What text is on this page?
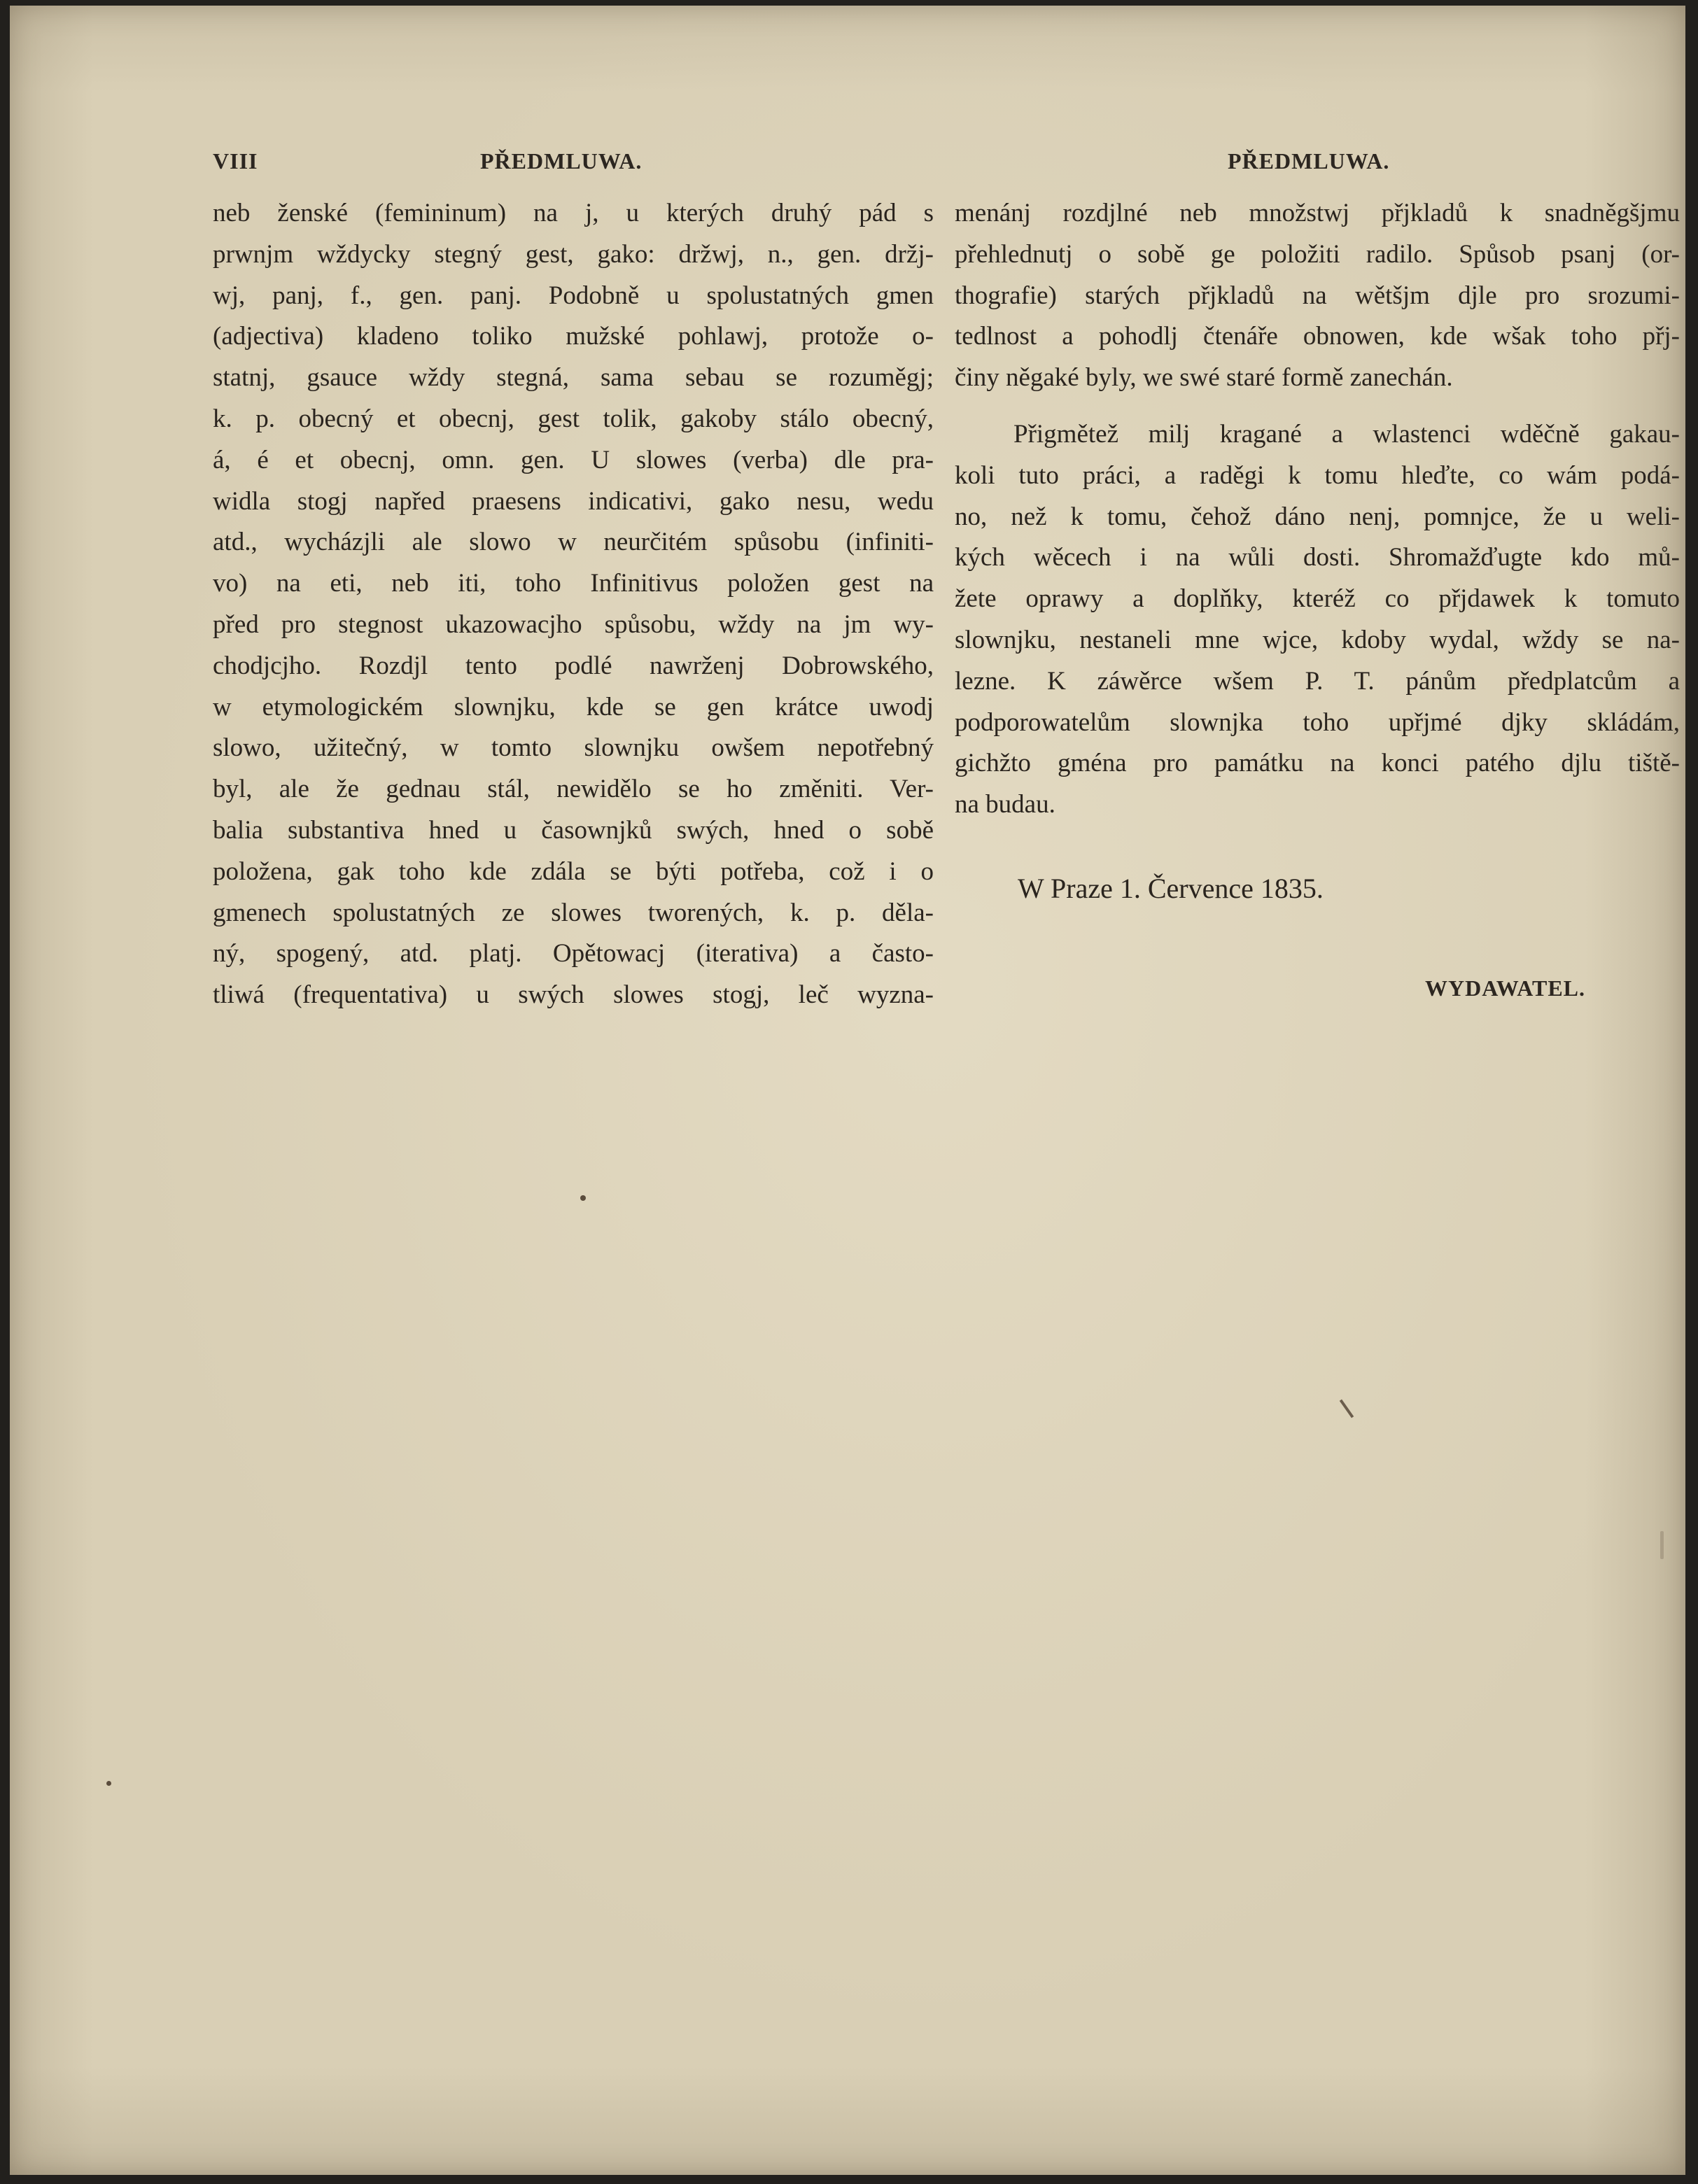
VIII	PŘEDMLUWA.	PŘEDMLUWA.
neb ženské (femininum) na j, u kterých druhý pád s
prwnjm wždycky stegný gest, gako: držwj, n., gen. držj-
wj, panj, f., gen. panj. Podobně u spolustatných gmen
(adjectiva) kladeno toliko mužské pohlawj, protože o-
statnj, gsauce wždy stegná, sama sebau se rozuměgj;
k. p. obecný et obecnj, gest tolik, gakoby stálo obecný,
á, é et obecnj, omn. gen. U slowes (verba) dle pra-
widla stogj napřed praesens indicativi, gako nesu, wedu
atd., wycházjli ale slowo w neurčitém spůsobu (infiniti-
vo) na eti, neb iti, toho Infinitivus položen gest na
před pro stegnost ukazowacjho spůsobu, wždy na jm wy-
chodjcjho. Rozdjl tento podlé nawrženj Dobrowského,
w etymologickém slownjku, kde se gen krátce uwodj
slowo, užitečný, w tomto slownjku owšem nepotřebný
byl, ale že gednau stál, newidělo se ho změniti. Ver-
balia substantiva hned u časownjků swých, hned o sobě
položena, gak toho kde zdála se býti potřeba, což i o
gmenech spolustatných ze slowes tworených, k. p. děla-
ný, spogený, atd. platj. Opětowacj (iterativa) a často-
tliwá (frequentativa) u swých slowes stogj, leč wyzna-
menánj rozdjlné neb množstwj přjkladů k snadněgšjmu
přehlednutj o sobě ge položiti radilo. Spůsob psanj (or-
thografie) starých přjkladů na wětšjm djle pro srozumi-
tedlnost a pohodlj čtenáře obnowen, kde wšak toho přj-
činy něgaké byly, we swé staré formě zanechán.
Přigmětež milj kragané a wlastenci wděčně gakau-
koli tuto práci, a raděgi k tomu hleďte, co wám podá-
no, než k tomu, čehož dáno nenj, pomnjce, že u weli-
kých wěcech i na wůli dosti. Shromažďugte kdo mů-
žete oprawy a doplňky, kteréž co přjdawek k tomuto
slownjku, nestaneli mne wjce, kdoby wydal, wždy se na-
lezne. K záwěrce wšem P. T. pánům předplatcům a
podporowatelům slownjka toho upřjmé djky skládám,
gichžto gména pro památku na konci patého djlu tiště-
na budau.
W Praze 1. Července 1835.
WYDAWATEL.
